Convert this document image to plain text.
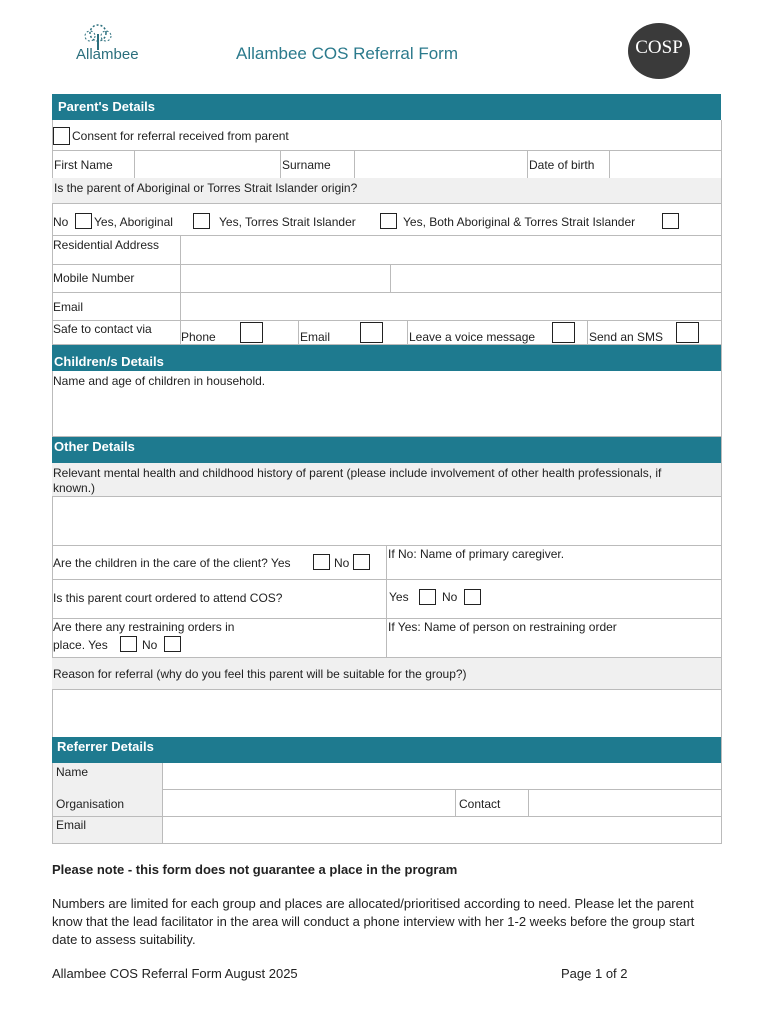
Allambee	Allambee COS Referral Form	COSP
Parent's Details
Consent for referral received from parent
First Name	Surname	Date of birth
Is the parent of Aboriginal or Torres Strait Islander origin?
No Yes, Aboriginal	Yes, Torres Strait Islander	Yes, Both Aboriginal & Torres Strait Islander
Residential Address
Mobile Number
Email
Safe to contact via
Phone	Email	Leave a voice message	Send an SMS
Children/s Details
Name and age of children in household.
Other Details
Relevant mental health and childhood history of parent (please include involvement of other health professionals, if
known.)
Are the children in the care of the client? Yes	No
If No: Name of primary caregiver.
Is this parent court ordered to attend COS?	Yes	No
Are there any restraining orders in
place. Yes	No
If Yes: Name of person on restraining order
Reason for referral (why do you feel this parent will be suitable for the group?)
Referrer Details
Name
Organisation	Contact
Email
Please note - this form does not guarantee a place in the program
Numbers are limited for each group and places are allocated/prioritised according to need. Please let the parent know that the lead facilitator in the area will conduct a phone interview with her 1-2 weeks before the group start date to assess suitability.
Allambee COS Referral Form August 2025	Page 1 of 2
